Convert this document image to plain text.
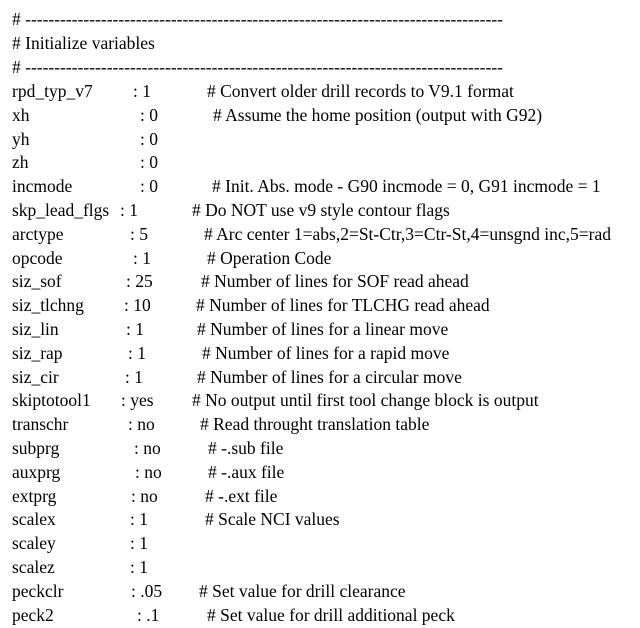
# ----------------------------------------------------------------------------------
# Initialize variables
# ----------------------------------------------------------------------------------
rpd_typ_v7 : 1	# Convert older drill records to V9.1 format
xh	: 0	# Assume the home position (output with G92)
yh	: 0
zh	: 0
incmode	: 0	# Init. Abs. mode - G90 incmode = 0, G91 incmode = 1
skp_lead_flgs : 1	# Do NOT use v9 style contour flags
arctype	: 5	# Arc center 1=abs,2=St-Ctr,3=Ctr-St,4=unsgnd inc,5=rad
opcode	: 1	# Operation Code
siz_sof	: 25	# Number of lines for SOF read ahead
siz_tlchng : 10	# Number of lines for TLCHG read ahead
siz_lin	: 1	# Number of lines for a linear move
siz_rap	: 1	# Number of lines for a rapid move
siz_cir	: 1	# Number of lines for a circular move
skiptotool1 : yes # No output until first tool change block is output
transchr	: no	# Read throught translation table
subprg	: no	# -.sub file
auxprg	: no	# -.aux file
extprg	: no	# -.ext file
scalex	: 1	# Scale NCI values
scaley	: 1
scalez	: 1
peckclr	: .05 # Set value for drill clearance
peck2	: .1	# Set value for drill additional peck
